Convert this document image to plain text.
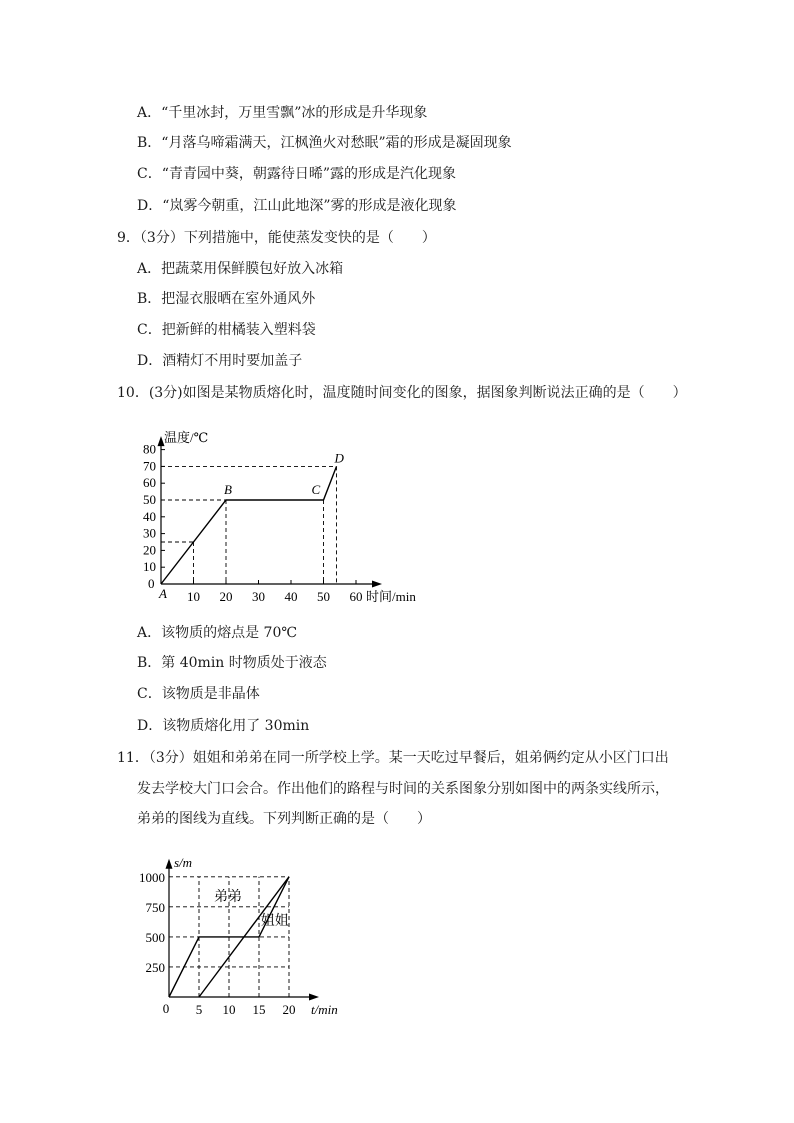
A．“千里冰封，万里雪飘”冰的形成是升华现象
B．“月落乌啼霜满天，江枫渔火对愁眠”霜的形成是凝固现象
C．“青青园中葵，朝露待日晞”露的形成是汽化现象
D．“岚雾今朝重，江山此地深”雾的形成是液化现象
9．（3分）下列措施中，能使蒸发变快的是（　　）
A．把蔬菜用保鲜膜包好放入冰箱
B．把湿衣服晒在室外通风外
C．把新鲜的柑橘装入塑料袋
D．酒精灯不用时要加盖子
10．(3分)如图是某物质熔化时，温度随时间变化的图象，据图象判断说法正确的是（　　）
温度/℃
时间/min
0
10
20
30
40
50
60
70
80
10 20 30 40 50 60
A
B	C
D
A．该物质的熔点是 70℃
B．第 40min 时物质处于液态
C．该物质是非晶体
D．该物质熔化用了 30min
11．（3分）姐姐和弟弟在同一所学校上学。某一天吃过早餐后，姐弟俩约定从小区门口出
发去学校大门口会合。作出他们的路程与时间的关系图象分别如图中的两条实线所示，
弟弟的图线为直线。下列判断正确的是（　　）
s/m
t/min
0
250
500
750
1000
5 10 15 20
弟弟
姐姐
